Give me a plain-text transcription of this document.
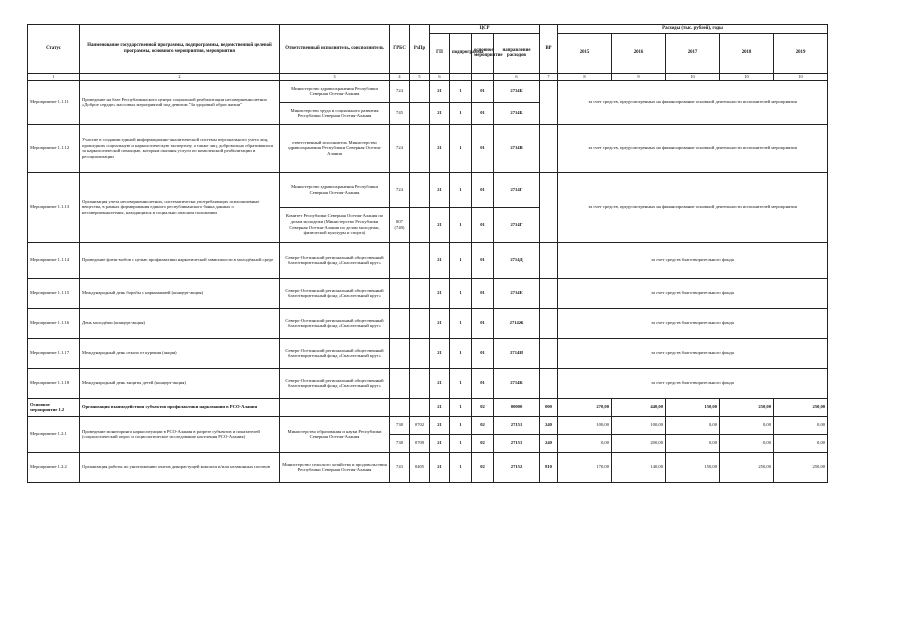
Статус	Наименование государственной программы, подпрограммы, ведомственной целевой программы, основного мероприятия, мероприятия	Ответственный исполнитель, соисполнитель	ГРБС	РзПр	ЦСР				ВР	Расходы (тыс. рублей), годы				
					ГП	подпрограмма	основное мероприятие	направление расходов		2015	2016	2017	2018	2019
1	2	3	4	5	6			6	7	8	9	10	10	10
Мероприятие 1.1.11	Проведение на базе Республиканского центра социальной реабилитации несовершеннолетних «Доброе сердце» массовых мероприятий под девизом "За здоровый образ жизни"	Министерство здравоохранения Республики Северная Осетия-Алания	724		21	1	01	2714Б		за счет средств, предусмотренных на финансирование основной деятельности исполнителей мероприятия				
		Министерство труда и социального развития Республики Северная Осетия-Алания	745		21	1	01	2714Б						
Мероприятие 1.1.12	Участие в создании единой информационно-аналитической системы персонального учета лиц, прошедших социальную и наркологическую экспертизу, а также лиц, добровольно обратившихся за наркологической помощью, которым оказаны услуги по комплексной реабилитации и ресоциализации	ответственный исполнитель Министерство здравоохранения Республики Северная Осетия-Алания	724		21	1	01	2714В		за счет средств, предусмотренных на финансирование основной деятельности исполнителей мероприятия				
Мероприятие 1.1.13	Организация учета несовершеннолетних, систематически употребляющих психоактивные вещества, в рамках формирования единого республиканского банка данных о несовершеннолетних, находящихся в социально опасном положении	Министерство здравоохранения Республики Северная Осетия-Алания	724		21	1	01	2714Г		за счет средств, предусмотренных на финансирование основной деятельности исполнителей мероприятия				
		Комитет Республики Северная Осетия-Алания по делам молодежи (Министерство Республики Северная Осетия-Алания по делам молодежи, физической культуры и спорта)	807 (740)		21	1	01	2714Г						
Мероприятие 1.1.14	Проведение флеш-мобов с целью профилактики наркотической зависимости в молодёжной среде	Северо-Осетинский региональный общественный благотворительный фонд «Спасательный круг»			21	1	01	2714Д		за счет средств благотворительного фонда				
Мероприятие 1.1.15	Международный день борьбы с наркоманией (концерт-акция)	Северо-Осетинский региональный общественный благотворительный фонд «Спасательный круг»			21	1	01	2714Е		за счет средств благотворительного фонда				
Мероприятие 1.1.16	День молодёжи (концерт-акция)	Северо-Осетинский региональный общественный благотворительный фонд «Спасательный круг»			21	1	01	2714Ж		за счет средств благотворительного фонда				
Мероприятие 1.1.17	Международный день отказа от курения (акция)	Северо-Осетинский региональный общественный благотворительный фонд «Спасательный круг»			21	1	01	2714И		за счет средств благотворительного фонда				
Мероприятие 1.1.18	Международный день защиты детей (концерт-акция)	Северо-Осетинский региональный общественный благотворительный фонд «Спасательный круг»			21	1	01	2714К		за счет средств благотворительного фонда				
Основное мероприятие 1.2	Организация взаимодействия субъектов профилактики наркомании в РСО-Алания				21	1	02	00000	000	270,00	440,00	150,00	250,00	250,00
Мероприятие 1.2.1	Проведение мониторинга наркоситуации в РСО-Алания в разрезе субъектов и показателей (социологический опрос и социологическое исследование населения РСО-Алания)	Министерство образования и науки Республики Северная Осетия-Алания	738	0702	21	1	02	27151	240	100,00	100,00	0,00	0,00	0,00
			738	0709	21	1	02	27151	240	0,00	200,00	0,00	0,00	0,00
Мероприятие 1.2.2	Организация работы по уничтожению очагов дикорастущей конопли и/или незаконных посевов	Министерство сельского хозяйства и продовольствия Республики Северная Осетия-Алания	743	0405	21	1	02	27152	810	170,00	140,00	150,00	250,00	250,00
